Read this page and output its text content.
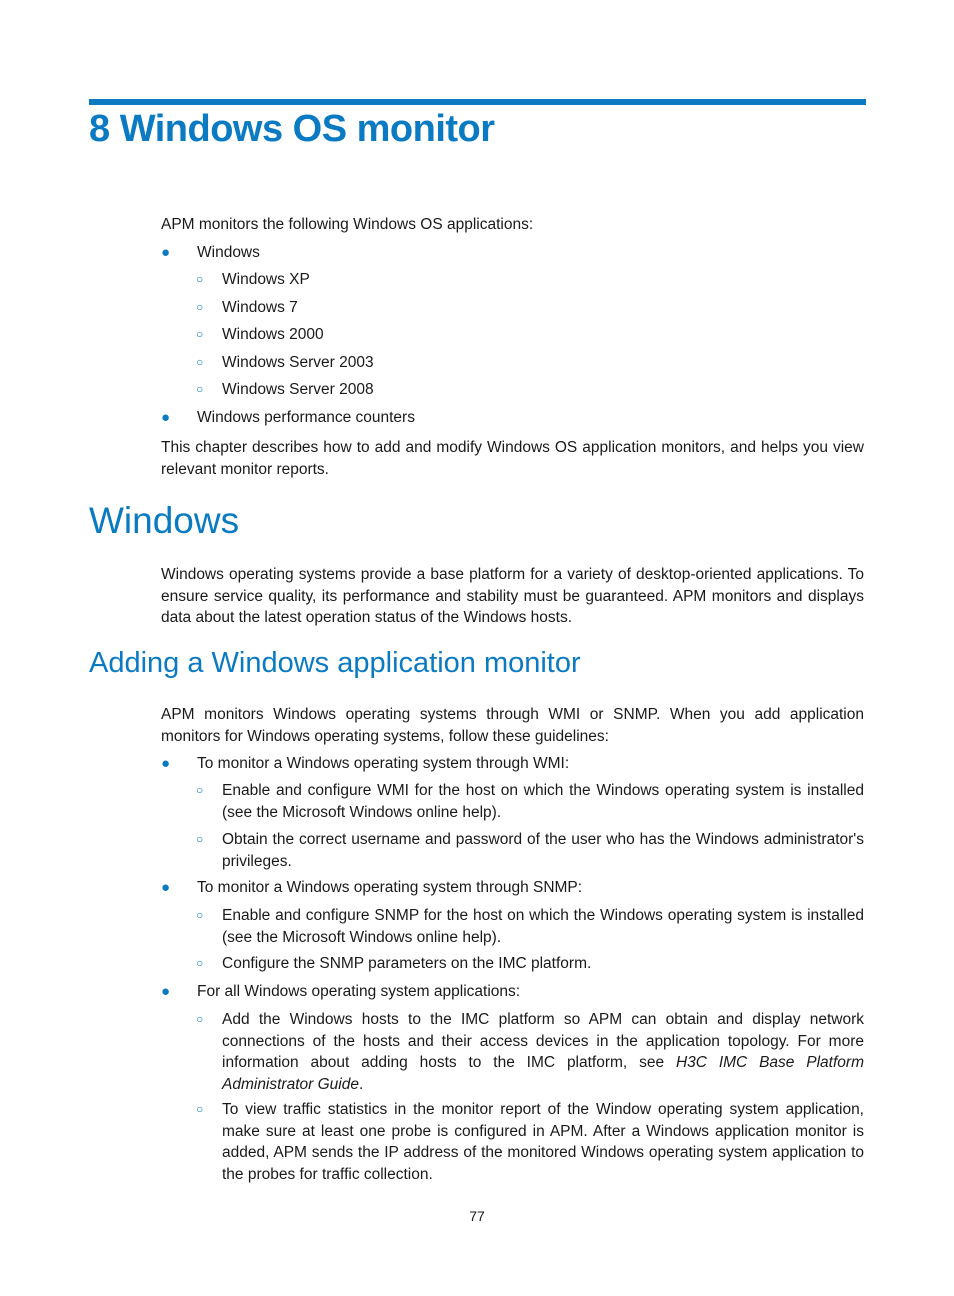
8 Windows OS monitor

APM monitors the following Windows OS applications:

● Windows
○ Windows XP
○ Windows 7
○ Windows 2000
○ Windows Server 2003
○ Windows Server 2008
● Windows performance counters

This chapter describes how to add and modify Windows OS application monitors, and helps you view relevant monitor reports.

Windows

Windows operating systems provide a base platform for a variety of desktop-oriented applications. To ensure service quality, its performance and stability must be guaranteed. APM monitors and displays data about the latest operation status of the Windows hosts.

Adding a Windows application monitor

APM monitors Windows operating systems through WMI or SNMP. When you add application monitors for Windows operating systems, follow these guidelines:

● To monitor a Windows operating system through WMI:
○ Enable and configure WMI for the host on which the Windows operating system is installed (see the Microsoft Windows online help).
○ Obtain the correct username and password of the user who has the Windows administrator's privileges.
● To monitor a Windows operating system through SNMP:
○ Enable and configure SNMP for the host on which the Windows operating system is installed (see the Microsoft Windows online help).
○ Configure the SNMP parameters on the IMC platform.
● For all Windows operating system applications:
○ Add the Windows hosts to the IMC platform so APM can obtain and display network connections of the hosts and their access devices in the application topology. For more information about adding hosts to the IMC platform, see H3C IMC Base Platform Administrator Guide.
○ To view traffic statistics in the monitor report of the Window operating system application, make sure at least one probe is configured in APM. After a Windows application monitor is added, APM sends the IP address of the monitored Windows operating system application to the probes for traffic collection.
77
